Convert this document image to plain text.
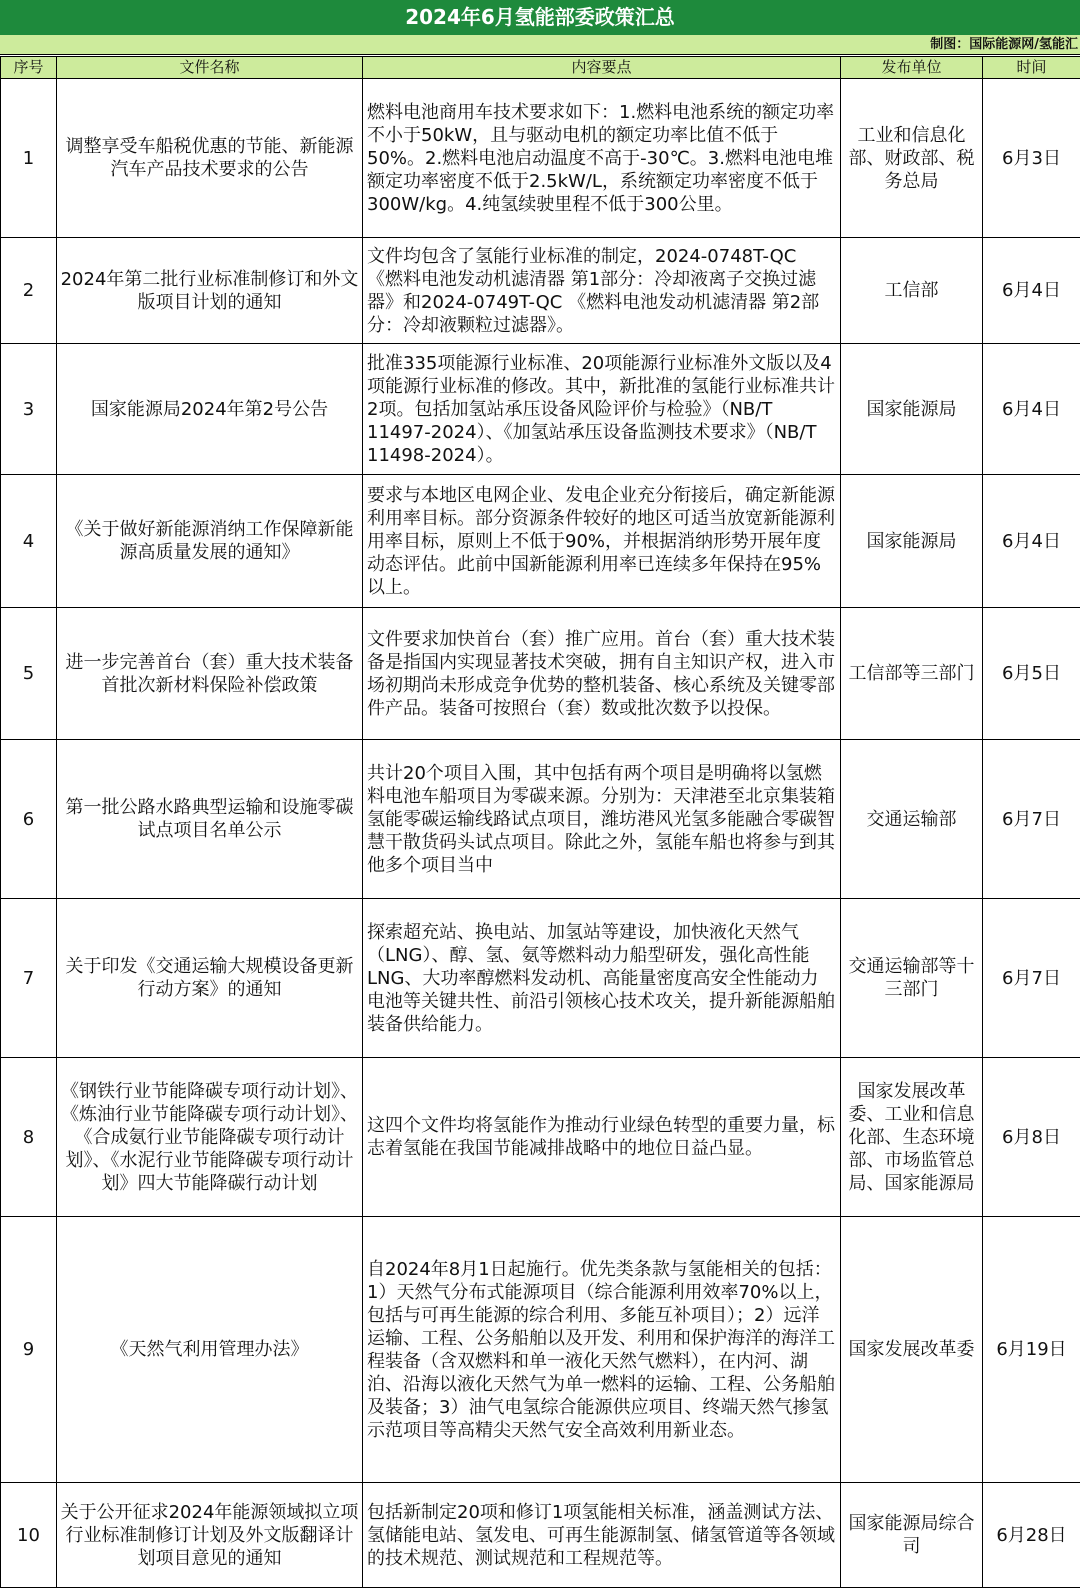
2024年6月氢能部委政策汇总
制图：国际能源网/氢能汇
序号	文件名称	内容要点	发布单位	时间
1	调整享受车船税优惠的节能、新能源汽车产品技术要求的公告	燃料电池商用车技术要求如下：1.燃料电池系统的额定功率不小于50kW，且与驱动电机的额定功率比值不低于50%。2.燃料电池启动温度不高于-30℃。3.燃料电池电堆额定功率密度不低于2.5kW/L，系统额定功率密度不低于 300W/kg。4.纯氢续驶里程不低于300公里。	工业和信息化部、财政部、税务总局	6月3日
2	2024年第二批行业标准制修订和外文版项目计划的通知	文件均包含了氢能行业标准的制定，2024-0748T-QC 《燃料电池发动机滤清器 第1部分：冷却液离子交换过滤器》和2024-0749T-QC 《燃料电池发动机滤清器 第2部分：冷却液颗粒过滤器》。	工信部	6月4日
3	国家能源局2024年第2号公告	批准335项能源行业标准、20项能源行业标准外文版以及4项能源行业标准的修改。其中，新批准的氢能行业标准共计2项。包括加氢站承压设备风险评价与检验》（NB/T 11497-2024）、《加氢站承压设备监测技术要求》（NB/T 11498-2024）。	国家能源局	6月4日
4	《关于做好新能源消纳工作保障新能源高质量发展的通知》	要求与本地区电网企业、发电企业充分衔接后，确定新能源利用率目标。部分资源条件较好的地区可适当放宽新能源利用率目标，原则上不低于90%，并根据消纳形势开展年度动态评估。此前中国新能源利用率已连续多年保持在95%以上。	国家能源局	6月4日
5	进一步完善首台（套）重大技术装备首批次新材料保险补偿政策	文件要求加快首台（套）推广应用。首台（套）重大技术装备是指国内实现显著技术突破，拥有自主知识产权，进入市场初期尚未形成竞争优势的整机装备、核心系统及关键零部件产品。装备可按照台（套）数或批次数予以投保。	工信部等三部门	6月5日
6	第一批公路水路典型运输和设施零碳试点项目名单公示	共计20个项目入围，其中包括有两个项目是明确将以氢燃料电池车船项目为零碳来源。分别为：天津港至北京集装箱氢能零碳运输线路试点项目，潍坊港风光氢多能融合零碳智慧干散货码头试点项目。除此之外，氢能车船也将参与到其他多个项目当中	交通运输部	6月7日
7	关于印发《交通运输大规模设备更新行动方案》的通知	探索超充站、换电站、加氢站等建设，加快液化天然气（LNG）、醇、氢、氨等燃料动力船型研发，强化高性能LNG、大功率醇燃料发动机、高能量密度高安全性能动力电池等关键共性、前沿引领核心技术攻关，提升新能源船舶装备供给能力。	交通运输部等十三部门	6月7日
8	《钢铁行业节能降碳专项行动计划》、《炼油行业节能降碳专项行动计划》、《合成氨行业节能降碳专项行动计划》、《水泥行业节能降碳专项行动计划》四大节能降碳行动计划	这四个文件均将氢能作为推动行业绿色转型的重要力量，标志着氢能在我国节能减排战略中的地位日益凸显。	国家发展改革委、工业和信息化部、生态环境部、市场监管总局、国家能源局	6月8日
9	《天然气利用管理办法》	自2024年8月1日起施行。优先类条款与氢能相关的包括：1）天然气分布式能源项目（综合能源利用效率70%以上，包括与可再生能源的综合利用、多能互补项目）；2）远洋运输、工程、公务船舶以及开发、利用和保护海洋的海洋工程装备（含双燃料和单一液化天然气燃料），在内河、湖泊、沿海以液化天然气为单一燃料的运输、工程、公务船舶及装备；3）油气电氢综合能源供应项目、终端天然气掺氢示范项目等高精尖天然气安全高效利用新业态。	国家发展改革委	6月19日
10	关于公开征求2024年能源领域拟立项行业标准制修订计划及外文版翻译计划项目意见的通知	包括新制定20项和修订1项氢能相关标准，涵盖测试方法、氢储能电站、氢发电、可再生能源制氢、储氢管道等各领域的技术规范、测试规范和工程规范等。	国家能源局综合司	6月28日
